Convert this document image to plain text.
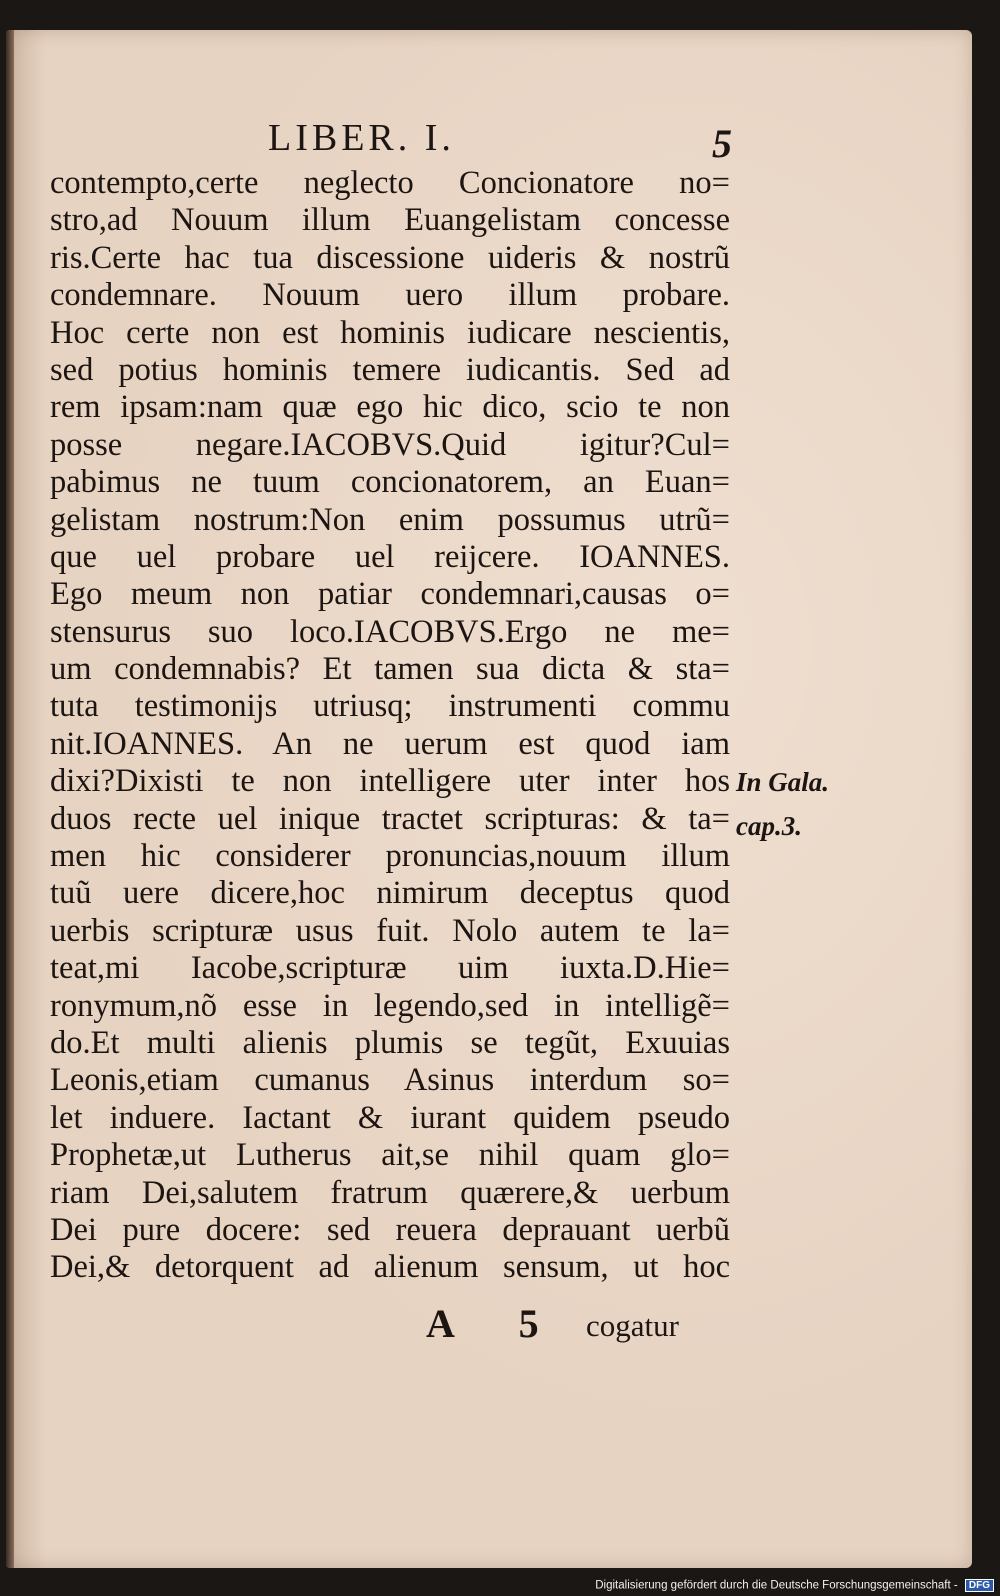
LIBER. I.	5
contempto,certe neglecto Concionatore no=
stro,ad Nouum illum Euangelistam concesse
ris.Certe hac tua discessione uideris & nostrũ
condemnare. Nouum uero illum probare.
Hoc certe non est hominis iudicare nescientis,
sed potius hominis temere iudicantis. Sed ad
rem ipsam:nam quæ ego hic dico, scio te non
posse negare.IACOBVS.Quid igitur?Cul=
pabimus ne tuum concionatorem, an Euan=
gelistam nostrum:Non enim possumus utrũ=
que uel probare uel reĳcere. IOANNES.
Ego meum non patiar condemnari,causas o=
stensurus suo loco.IACOBVS.Ergo ne me=
um condemnabis? Et tamen sua dicta & sta=
tuta testimonĳs utriusq; instrumenti commu
nit.IOANNES. An ne uerum est quod iam
dixi?Dixisti te non intelligere uter inter hos
duos recte uel inique tractet scripturas: & ta=
men hic considerer pronuncias,nouum illum
tuũ uere dicere,hoc nimirum deceptus quod
uerbis scripturæ usus fuit. Nolo autem te la=
teat,mi Iacobe,scripturæ uim iuxta.D.Hie=
ronymum,nõ esse in legendo,sed in intelligẽ=
do.Et multi alienis plumis se tegũt, Exuuias
Leonis,etiam cumanus Asinus interdum so=
let induere. Iactant & iurant quidem pseudo
Prophetæ,ut Lutherus ait,se nihil quam glo=
riam Dei,salutem fratrum quærere,& uerbum
Dei pure docere: sed reuera deprauant uerbũ
Dei,& detorquent ad alienum sensum, ut hoc
In Gala.
cap.3.
A 5 cogatur
Digitalisierung gefördert durch die Deutsche Forschungsgemeinschaft - DFG
